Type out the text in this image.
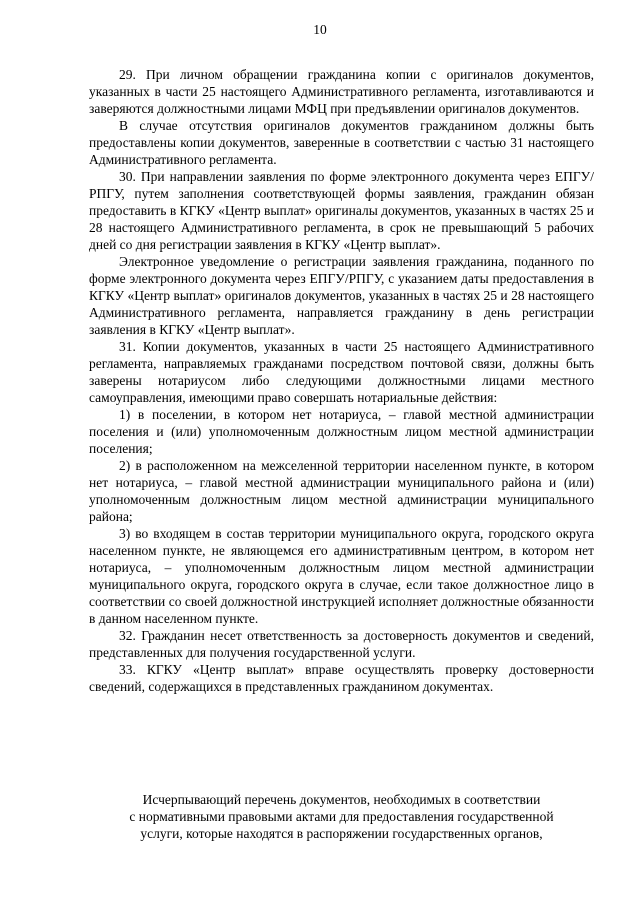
10

29. При личном обращении гражданина копии с оригиналов документов, указанных в части 25 настоящего Административного регламента, изготавливаются и заверяются должностными лицами МФЦ при предъявлении оригиналов документов.

В случае отсутствия оригиналов документов гражданином должны быть предоставлены копии документов, заверенные в соответствии с частью 31 настоящего Административного регламента.

30. При направлении заявления по форме электронного документа через ЕПГУ/РПГУ, путем заполнения соответствующей формы заявления, гражданин обязан предоставить в КГКУ «Центр выплат» оригиналы документов, указанных в частях 25 и 28 настоящего Административного регламента, в срок не превышающий 5 рабочих дней со дня регистрации заявления в КГКУ «Центр выплат».

Электронное уведомление о регистрации заявления гражданина, поданного по форме электронного документа через ЕПГУ/РПГУ, с указанием даты предоставления в КГКУ «Центр выплат» оригиналов документов, указанных в частях 25 и 28 настоящего Административного регламента, направляется гражданину в день регистрации заявления в КГКУ «Центр выплат».

31. Копии документов, указанных в части 25 настоящего Административного регламента, направляемых гражданами посредством почтовой связи, должны быть заверены нотариусом либо следующими должностными лицами местного самоуправления, имеющими право совершать нотариальные действия:

1) в поселении, в котором нет нотариуса, – главой местной администрации поселения и (или) уполномоченным должностным лицом местной администрации поселения;

2) в расположенном на межселенной территории населенном пункте, в котором нет нотариуса, – главой местной администрации муниципального района и (или) уполномоченным должностным лицом местной администрации муниципального района;

3) во входящем в состав территории муниципального округа, городского округа населенном пункте, не являющемся его административным центром, в котором нет нотариуса, – уполномоченным должностным лицом местной администрации муниципального округа, городского округа в случае, если такое должностное лицо в соответствии со своей должностной инструкцией исполняет должностные обязанности в данном населенном пункте.

32. Гражданин несет ответственность за достоверность документов и сведений, представленных для получения государственной услуги.

33. КГКУ «Центр выплат» вправе осуществлять проверку достоверности сведений, содержащихся в представленных гражданином документах.

Исчерпывающий перечень документов, необходимых в соответствии
с нормативными правовыми актами для предоставления государственной
услуги, которые находятся в распоряжении государственных органов,
